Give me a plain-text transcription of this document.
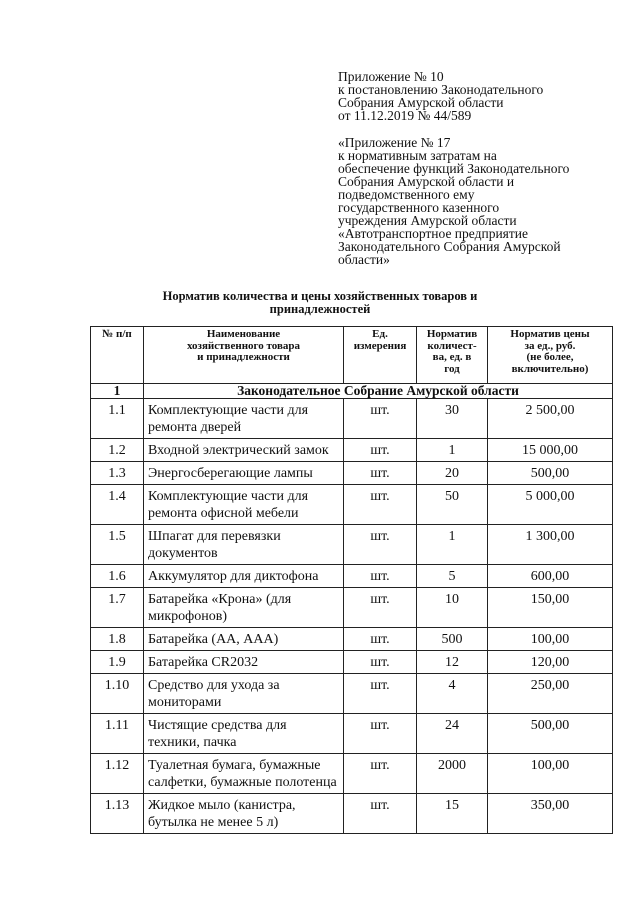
Приложение № 10
к постановлению Законодательного
Собрания Амурской области
от 11.12.2019 № 44/589
«Приложение № 17
к нормативным затратам на
обеспечение функций Законодательного
Собрания Амурской области и
подведомственного ему
государственного казенного
учреждения Амурской области
«Автотранспортное предприятие
Законодательного Собрания Амурской
области»
Норматив количества и цены хозяйственных товаров и
принадлежностей
№ п/п	Наименование
хозяйственного товара
и принадлежности	Ед.
измерения	Норматив
количест-
ва, ед. в
год	Норматив цены
за ед., руб.
(не более,
включительно)

1	Законодательное Собрание Амурской области			
1.1	Комплектующие части для ремонта дверей	шт.	30	2 500,00
1.2	Входной электрический замок	шт.	1	15 000,00
1.3	Энергосберегающие лампы	шт.	20	500,00
1.4	Комплектующие части для ремонта офисной мебели	шт.	50	5 000,00
1.5	Шпагат для перевязки документов	шт.	1	1 300,00
1.6	Аккумулятор для диктофона	шт.	5	600,00
1.7	Батарейка «Крона» (для микрофонов)	шт.	10	150,00
1.8	Батарейка (АА, ААА)	шт.	500	100,00
1.9	Батарейка CR2032	шт.	12	120,00
1.10	Средство для ухода за мониторами	шт.	4	250,00
1.11	Чистящие средства для техники, пачка	шт.	24	500,00
1.12	Туалетная бумага, бумажные салфетки, бумажные полотенца	шт.	2000	100,00
1.13	Жидкое мыло (канистра, бутылка не менее 5 л)	шт.	15	350,00
